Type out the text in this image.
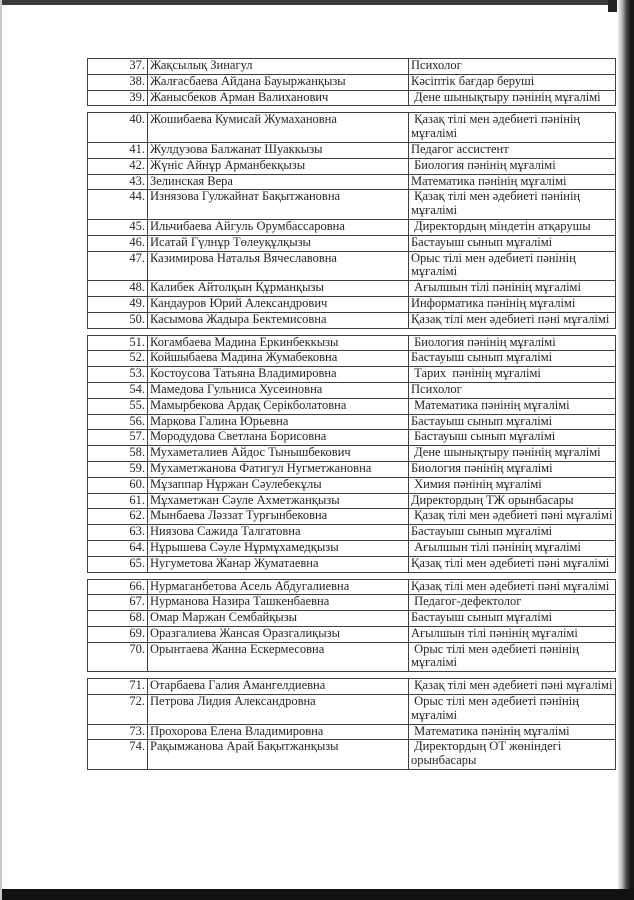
37.	Жақсылық Зинагул	Психолог
38.	Жалғасбаева Айдана Бауыржанқызы	Кәсіптік бағдар беруші
39.	Жанысбеков Арман Валиханович	Дене шынықтыру пәнінің мұғалімі

40.	Жошибаева Кумисай Жумахановна	Қазақ тілі мен әдебиеті пәнінің мұғалімі
41.	Жулдузова Балжанат Шуаккызы	Педагог ассистент
42.	Жүніс Айнұр Арманбекқызы	Биология пәнінің мұғалімі
43.	Зелинская Вера	Математика пәнінің мұғалімі
44.	Изнязова Гулжайнат Бақытжановна	Қазақ тілі мен әдебиеті пәнінің мұғалімі
45.	Ильчибаева Айгуль Орумбассаровна	Директордың міндетін атқарушы
46.	Исатай Гүлнұр Төлеуқұлқызы	Бастауыш сынып мұғалімі
47.	Казимирова Наталья Вячеславовна	Орыс тілі мен әдебиеті пәнінің мұғалімі
48.	Калибек Айтолқын Құрманқызы	Ағылшын тілі пәнінің мұғалімі
49.	Кандауров Юрий Александрович	Информатика пәнінің мұғалімі
50.	Касымова Жадыра Бектемисовна	Қазақ тілі мен әдебиеті пәні мұғалімі

51.	Когамбаева Мадина Еркинбеккызы	Биология пәнінің мұғалімі
52.	Койшыбаева Мадина Жумабековна	Бастауыш сынып мұғалімі
53.	Костоусова Татьяна Владимировна	Тарих  пәнінің мұғалімі
54.	Мамедова Гульниса Хусеиновна	Психолог
55.	Мамырбекова Ардақ Серікболатовна	Математика пәнінің мұғалімі
56.	Маркова Галина Юрьевна	Бастауыш сынып мұғалімі
57.	Мородудова Светлана Борисовна	Бастауыш сынып мұғалімі
58.	Мухаметалиев Айдос Тынышбекович	Дене шынықтыру пәнінің мұғалімі
59.	Мухаметжанова Фатигул Нугметжановна	Биология пәнінің мұғалімі
60.	Мұзаппар Нұржан Сәулебекұлы	Химия пәнінің мұғалімі
61.	Мұхаметжан Сәуле Ахметжанқызы	Директордың ТЖ орынбасары
62.	Мынбаева Ләззат Турғынбековна	Қазақ тілі мен әдебиеті пәні мұғалімі
63.	Ниязова Сажида Талгатовна	Бастауыш сынып мұғалімі
64.	Нұрышева Сәуле Нұрмұхамедқызы	Ағылшын тілі пәнінің мұғалімі
65.	Нугуметова Жанар Жуматаевна	Қазақ тілі мен әдебиеті пәні мұғалімі

66.	Нурмаганбетова Асель Абдугалиевна	Қазақ тілі мен әдебиеті пәні мұғалімі
67.	Нурманова Назира Ташкенбаевна	Педагог-дефектолог
68.	Омар Маржан Сембайқызы	Бастауыш сынып мұғалімі
69.	Оразгалиева Жансая Оразгалиқызы	Ағылшын тілі пәнінің мұғалімі
70.	Орынтаева Жанна Ескермесовна	Орыс тілі мен әдебиеті пәнінің мұғалімі

71.	Отарбаева Галия Амангелдиевна	Қазақ тілі мен әдебиеті пәні мұғалімі
72.	Петрова Лидия Александровна	Орыс тілі мен әдебиеті пәнінің мұғалімі
73.	Прохорова Елена Владимировна	Математика пәнінің мұғалімі
74.	Рақымжанова Арай Бақытжанқызы	Директордың ОТ жөніндегі орынбасары
